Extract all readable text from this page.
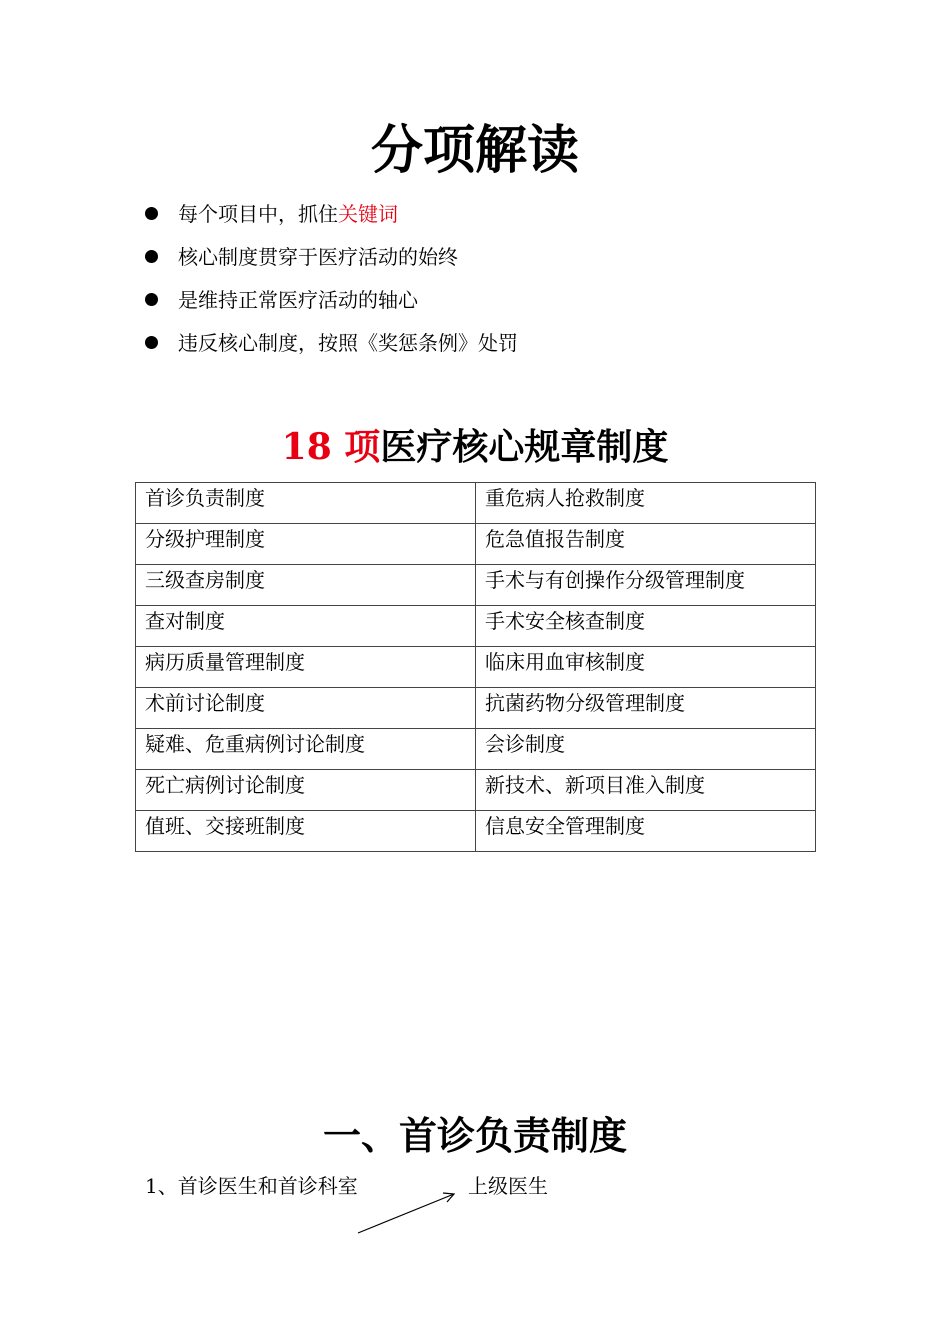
分项解读
每个项目中，抓住 关键词
核心制度贯穿于医疗活动的始终
是维持正常医疗活动的轴心
违反核心制度，按照《奖惩条例》处罚
18 项医疗核心规章制度
首诊负责制度	重危病人抢救制度
分级护理制度	危急值报告制度
三级查房制度	手术与有创操作分级管理制度
查对制度	手术安全核查制度
病历质量管理制度	临床用血审核制度
术前讨论制度	抗菌药物分级管理制度
疑难、危重病例讨论制度	会诊制度
死亡病例讨论制度	新技术、新项目准入制度
值班、交接班制度	信息安全管理制度
一、首诊负责制度
1、首诊医生和首诊科室	上级医生
